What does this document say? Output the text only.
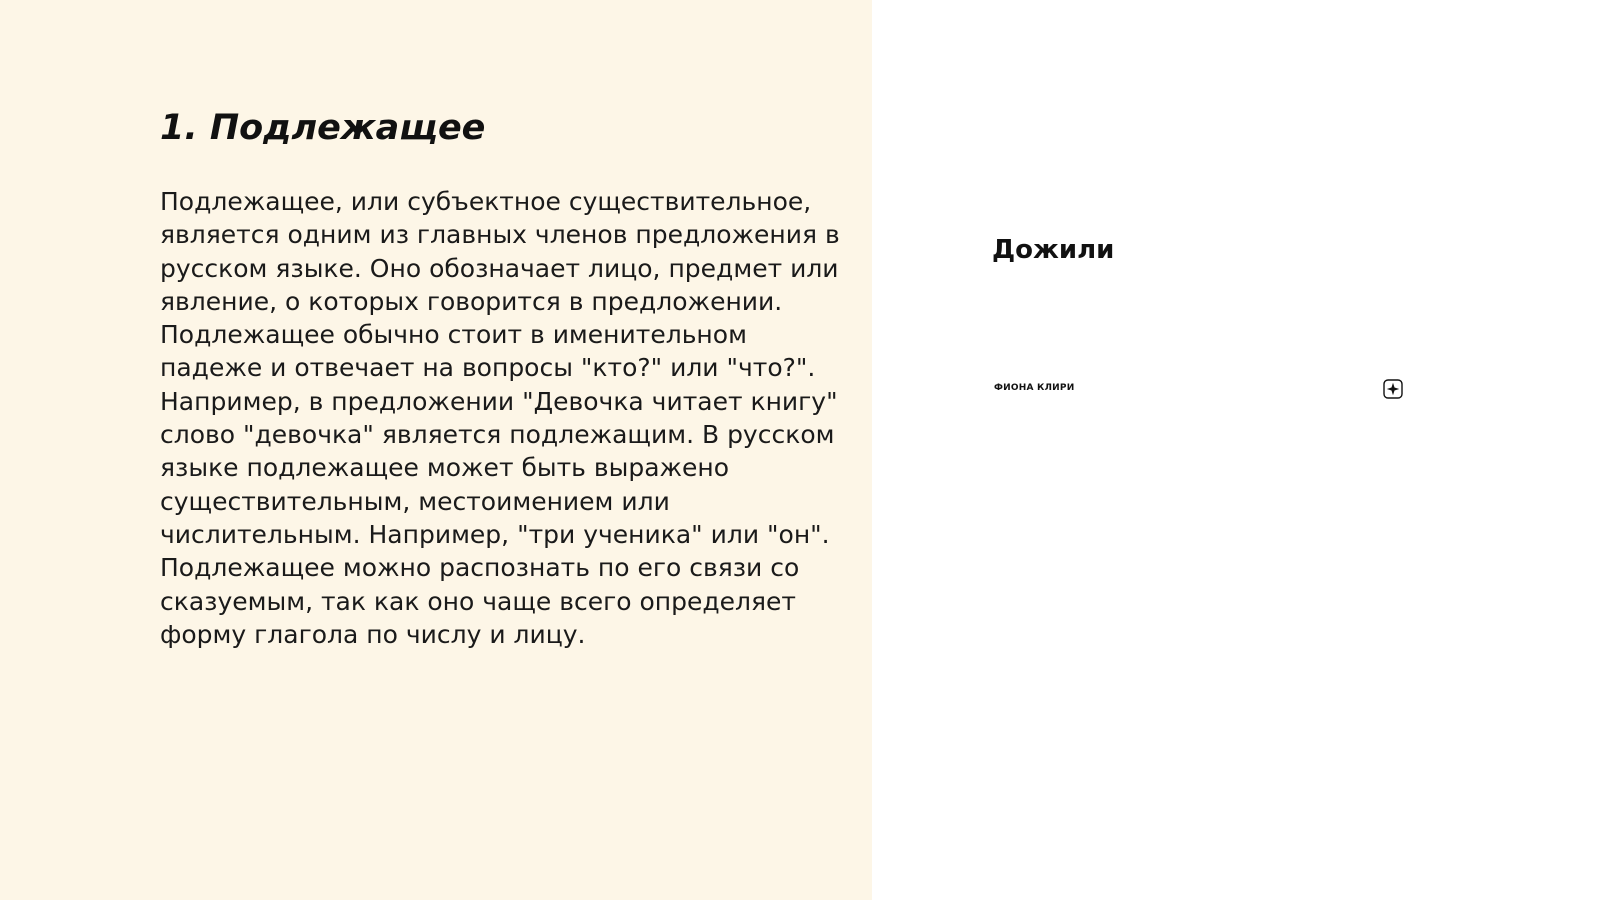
1. Подлежащее

Подлежащее, или субъектное существительное, является одним из главных членов предложения в русском языке. Оно обозначает лицо, предмет или явление, о которых говорится в предложении. Подлежащее обычно стоит в именительном падеже и отвечает на вопросы "кто?" или "что?". Например, в предложении "Девочка читает книгу" слово "девочка" является подлежащим. В русском языке подлежащее может быть выражено существительным, местоимением или числительным. Например, "три ученика" или "он". Подлежащее можно распознать по его связи со сказуемым, так как оно чаще всего определяет форму глагола по числу и лицу.

Дожили
ФИОНА КЛИРИ
